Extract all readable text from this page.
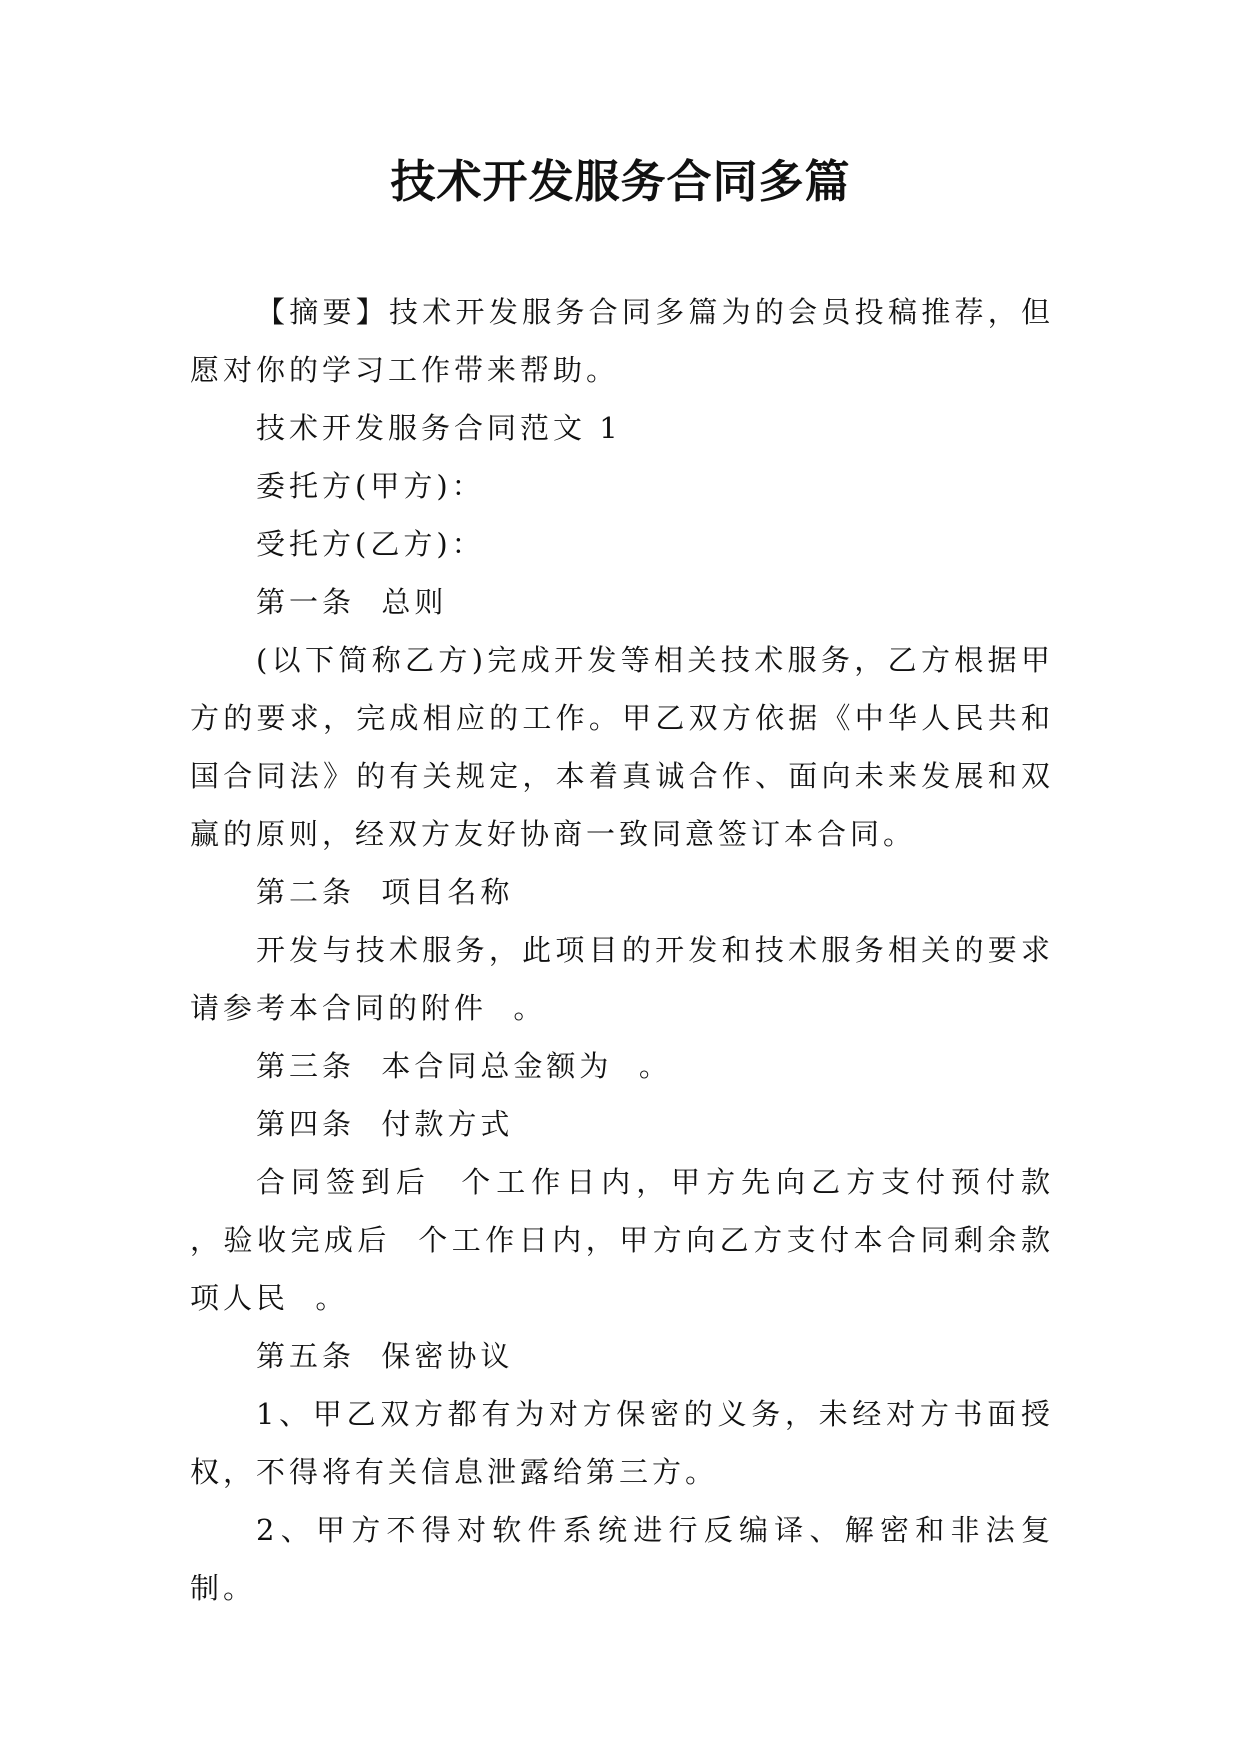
技术开发服务合同多篇

【摘要】技术开发服务合同多篇为的会员投稿推荐，但愿对你的学习工作带来帮助。

技术开发服务合同范文 1

委托方(甲方)：

受托方(乙方)：

第一条  总则

(以下简称乙方)完成开发等相关技术服务，乙方根据甲方的要求，完成相应的工作。甲乙双方依据《中华人民共和国合同法》的有关规定，本着真诚合作、面向未来发展和双赢的原则，经双方友好协商一致同意签订本合同。

第二条  项目名称

开发与技术服务，此项目的开发和技术服务相关的要求请参考本合同的附件  。

第三条  本合同总金额为  。

第四条  付款方式

合同签到后  个工作日内，甲方先向乙方支付预付款  ，验收完成后  个工作日内，甲方向乙方支付本合同剩余款项人民  。

第五条  保密协议

1、甲乙双方都有为对方保密的义务，未经对方书面授权，不得将有关信息泄露给第三方。

2、甲方不得对软件系统进行反编译、解密和非法复制。
